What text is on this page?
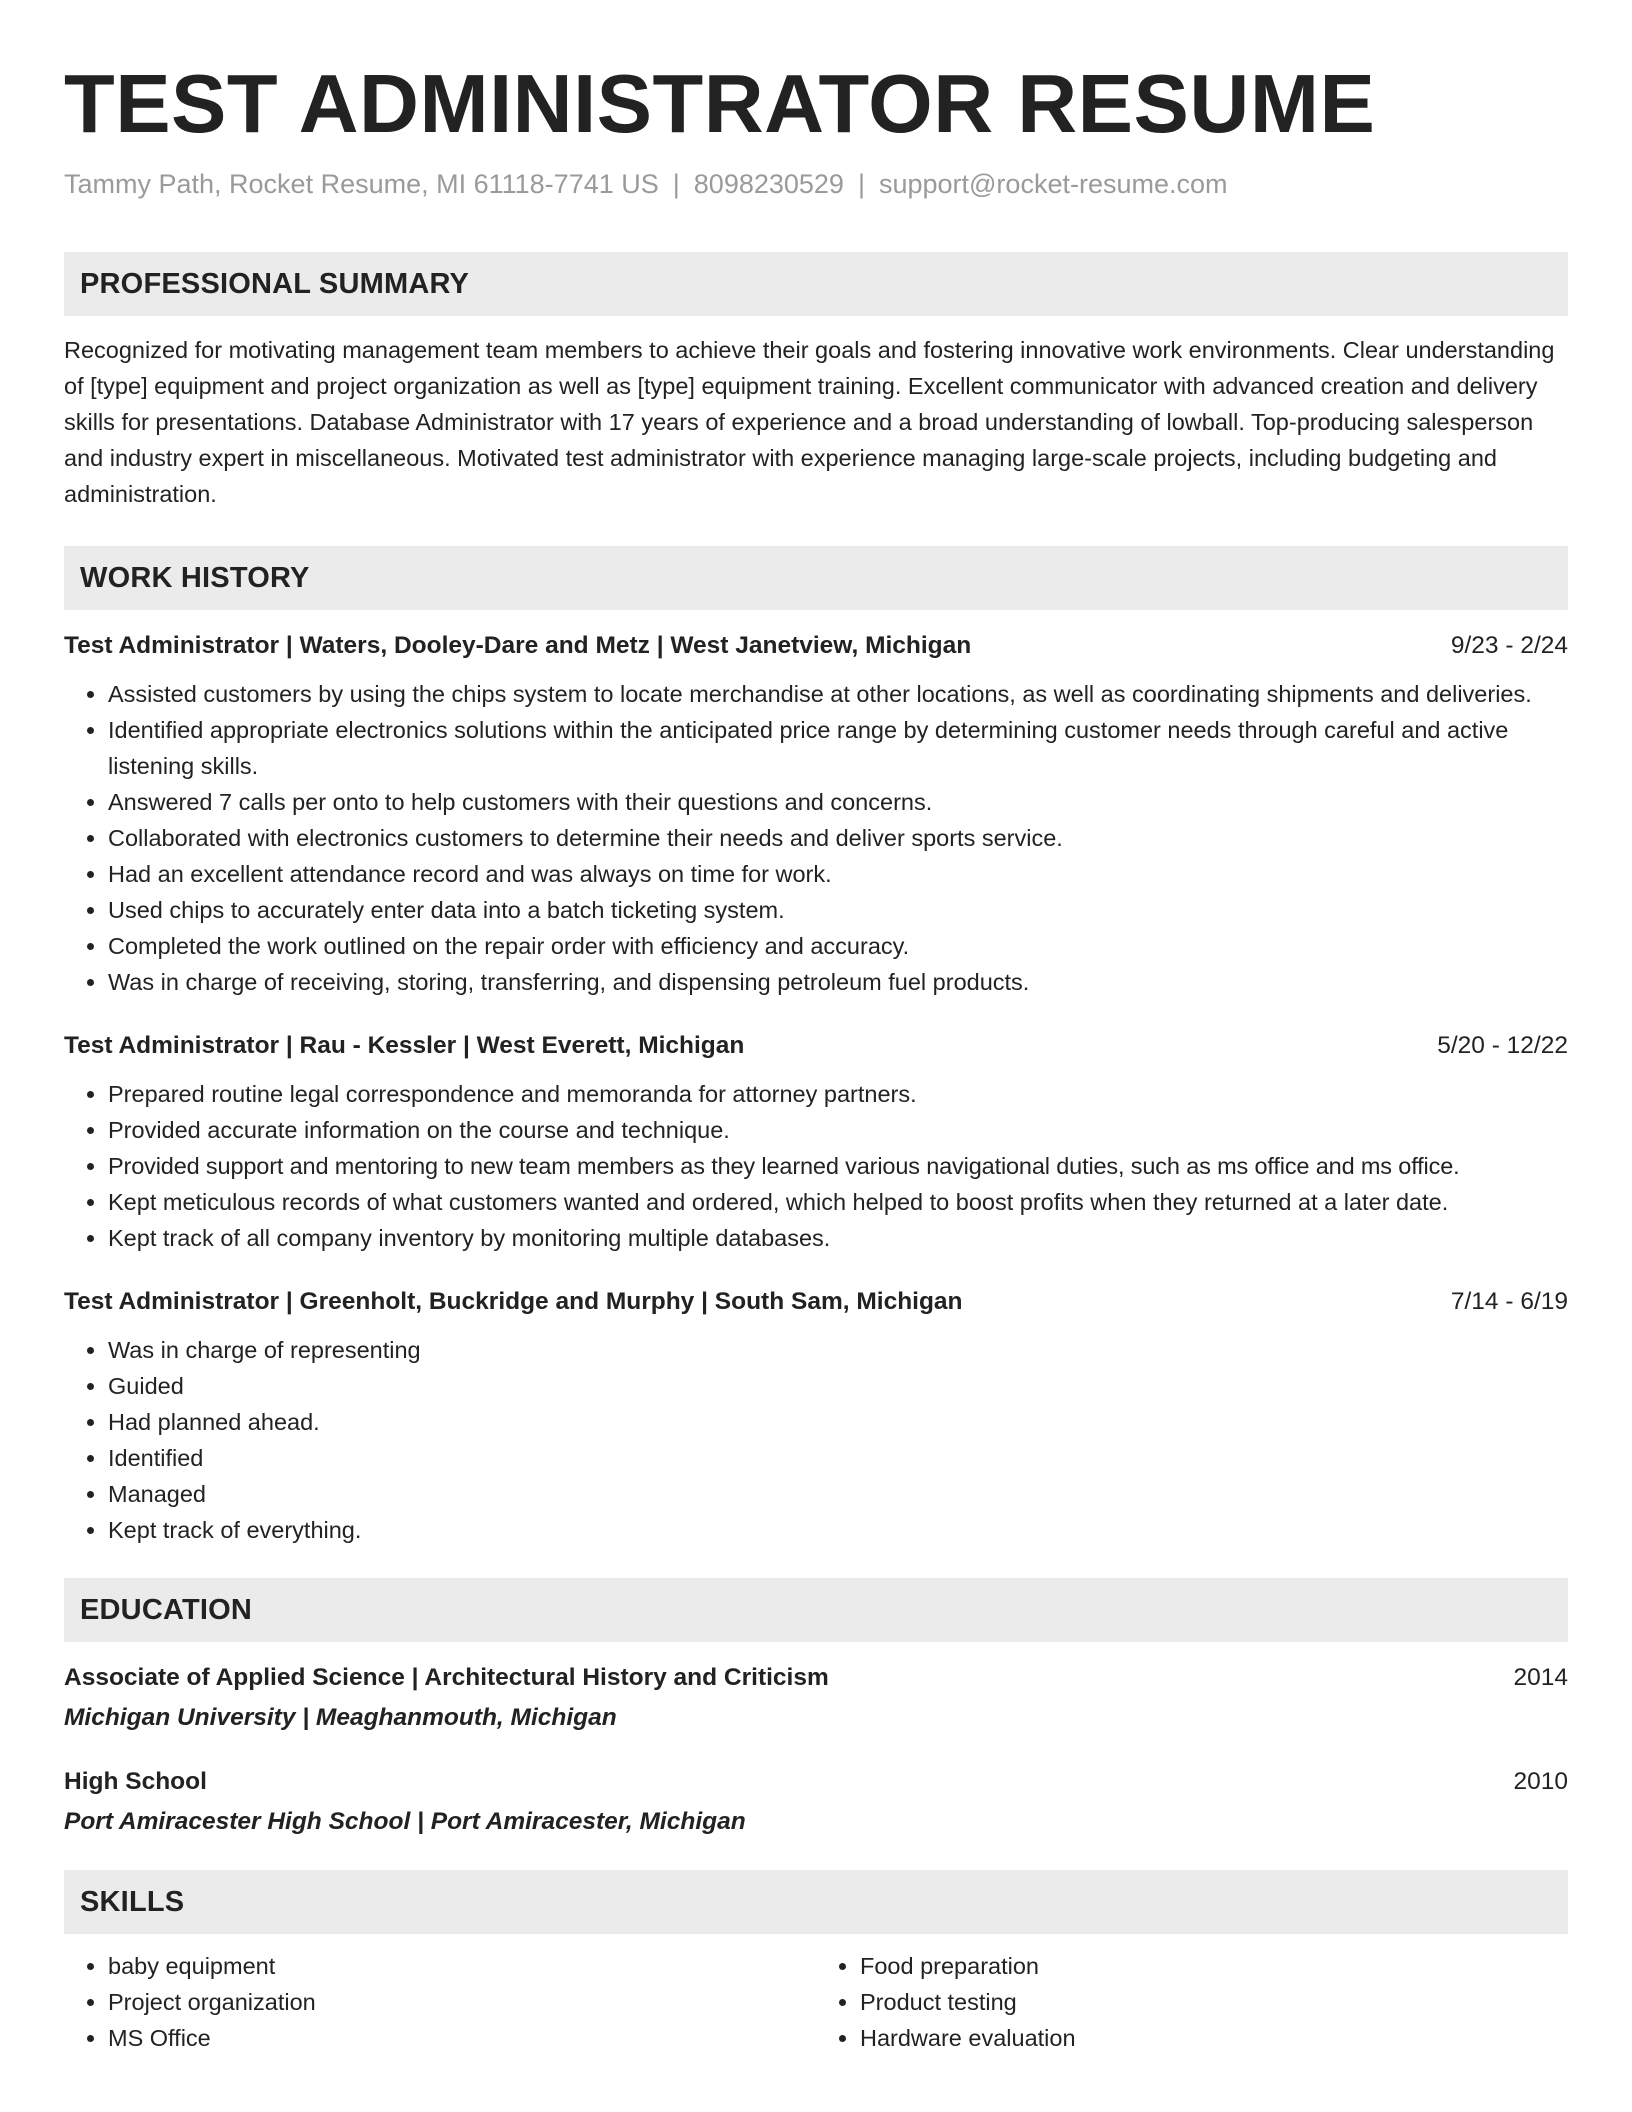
TEST ADMINISTRATOR RESUME
Tammy Path, Rocket Resume, MI 61118-7741 US | 8098230529 | support@rocket-resume.com
PROFESSIONAL SUMMARY

Recognized for motivating management team members to achieve their goals and fostering innovative work environments. Clear understanding of [type] equipment and project organization as well as [type] equipment training. Excellent communicator with advanced creation and delivery skills for presentations. Database Administrator with 17 years of experience and a broad understanding of lowball. Top-producing salesperson and industry expert in miscellaneous. Motivated test administrator with experience managing large-scale projects, including budgeting and administration.

WORK HISTORY
Test Administrator | Waters, Dooley-Dare and Metz | West Janetview, Michigan	9/23 - 2/24
• Assisted customers by using the chips system to locate merchandise at other locations, as well as coordinating shipments and deliveries.
• Identified appropriate electronics solutions within the anticipated price range by determining customer needs through careful and active listening skills.
• Answered 7 calls per onto to help customers with their questions and concerns.
• Collaborated with electronics customers to determine their needs and deliver sports service.
• Had an excellent attendance record and was always on time for work.
• Used chips to accurately enter data into a batch ticketing system.
• Completed the work outlined on the repair order with efficiency and accuracy.
• Was in charge of receiving, storing, transferring, and dispensing petroleum fuel products.
Test Administrator | Rau - Kessler | West Everett, Michigan	5/20 - 12/22
• Prepared routine legal correspondence and memoranda for attorney partners.
• Provided accurate information on the course and technique.
• Provided support and mentoring to new team members as they learned various navigational duties, such as ms office and ms office.
• Kept meticulous records of what customers wanted and ordered, which helped to boost profits when they returned at a later date.
• Kept track of all company inventory by monitoring multiple databases.
Test Administrator | Greenholt, Buckridge and Murphy | South Sam, Michigan	7/14 - 6/19
• Was in charge of representing
• Guided
• Had planned ahead.
• Identified
• Managed
• Kept track of everything.
EDUCATION
Associate of Applied Science | Architectural History and Criticism	2014
Michigan University | Meaghanmouth, Michigan
High School	2010
Port Amiracester High School | Port Amiracester, Michigan
SKILLS
• baby equipment
• Project organization
• MS Office
• Food preparation
• Product testing
• Hardware evaluation
